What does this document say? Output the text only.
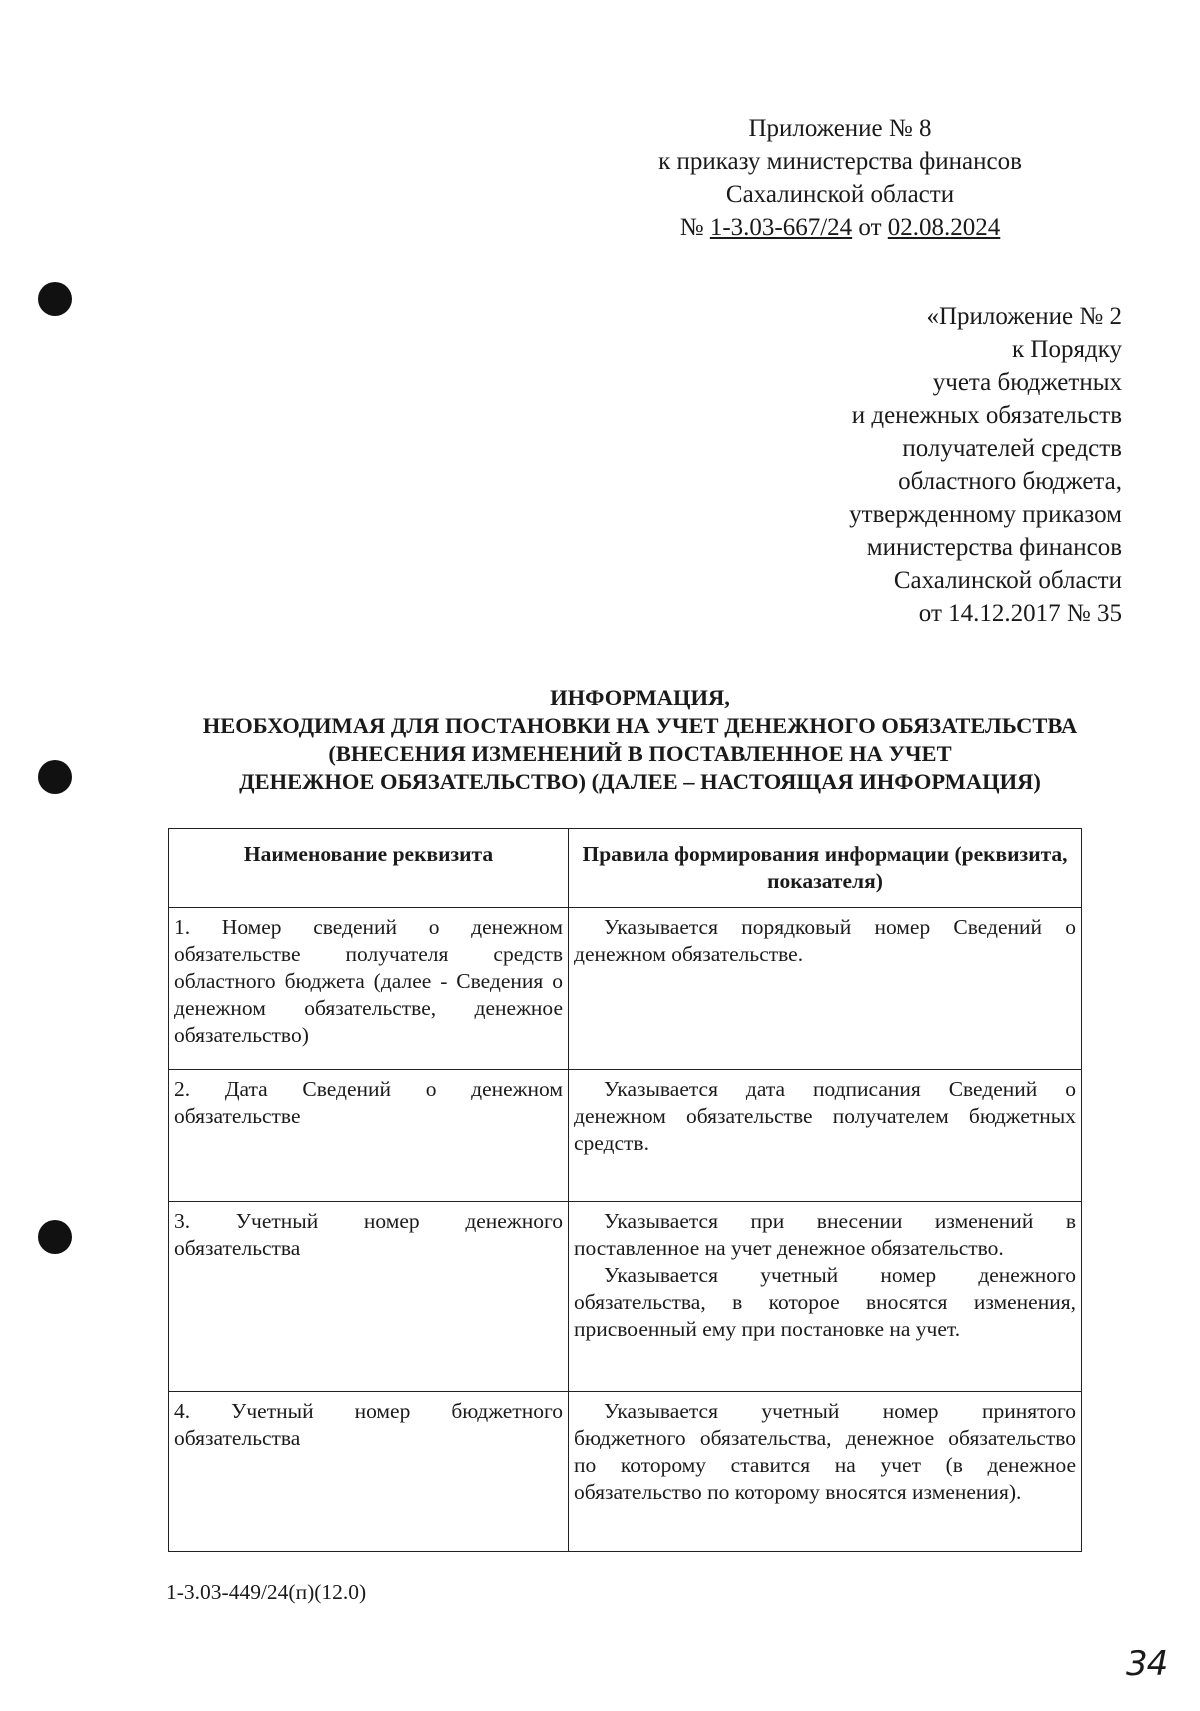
Приложение № 8
к приказу министерства финансов
Сахалинской области
№ 1-3.03-667/24 от 02.08.2024
«Приложение № 2
к Порядку
учета бюджетных
и денежных обязательств
получателей средств
областного бюджета,
утвержденному приказом
министерства финансов
Сахалинской области
от 14.12.2017 № 35
ИНФОРМАЦИЯ,
НЕОБХОДИМАЯ ДЛЯ ПОСТАНОВКИ НА УЧЕТ ДЕНЕЖНОГО ОБЯЗАТЕЛЬСТВА
(ВНЕСЕНИЯ ИЗМЕНЕНИЙ В ПОСТАВЛЕННОЕ НА УЧЕТ
ДЕНЕЖНОЕ ОБЯЗАТЕЛЬСТВО) (ДАЛЕЕ – НАСТОЯЩАЯ ИНФОРМАЦИЯ)
Наименование реквизита	Правила формирования информации (реквизита, показателя)
1. Номер сведений о денежном обязательстве получателя средств областного бюджета (далее - Сведения о денежном обязательстве, денежное обязательство)	Указывается порядковый номер Сведений о денежном обязательстве.

2. Дата Сведений о денежном обязательстве	Указывается дата подписания Сведений о денежном обязательстве получателем бюджетных средств.

3. Учетный номер денежного обязательства	Указывается при внесении изменений в поставленное на учет денежное обязательство.

Указывается учетный номер денежного обязательства, в которое вносятся изменения, присвоенный ему при постановке на учет.

4. Учетный номер бюджетного обязательства	Указывается учетный номер принятого бюджетного обязательства, денежное обязательство по которому ставится на учет (в денежное обязательство по которому вносятся изменения).

1-3.03-449/24(п)(12.0)
34
